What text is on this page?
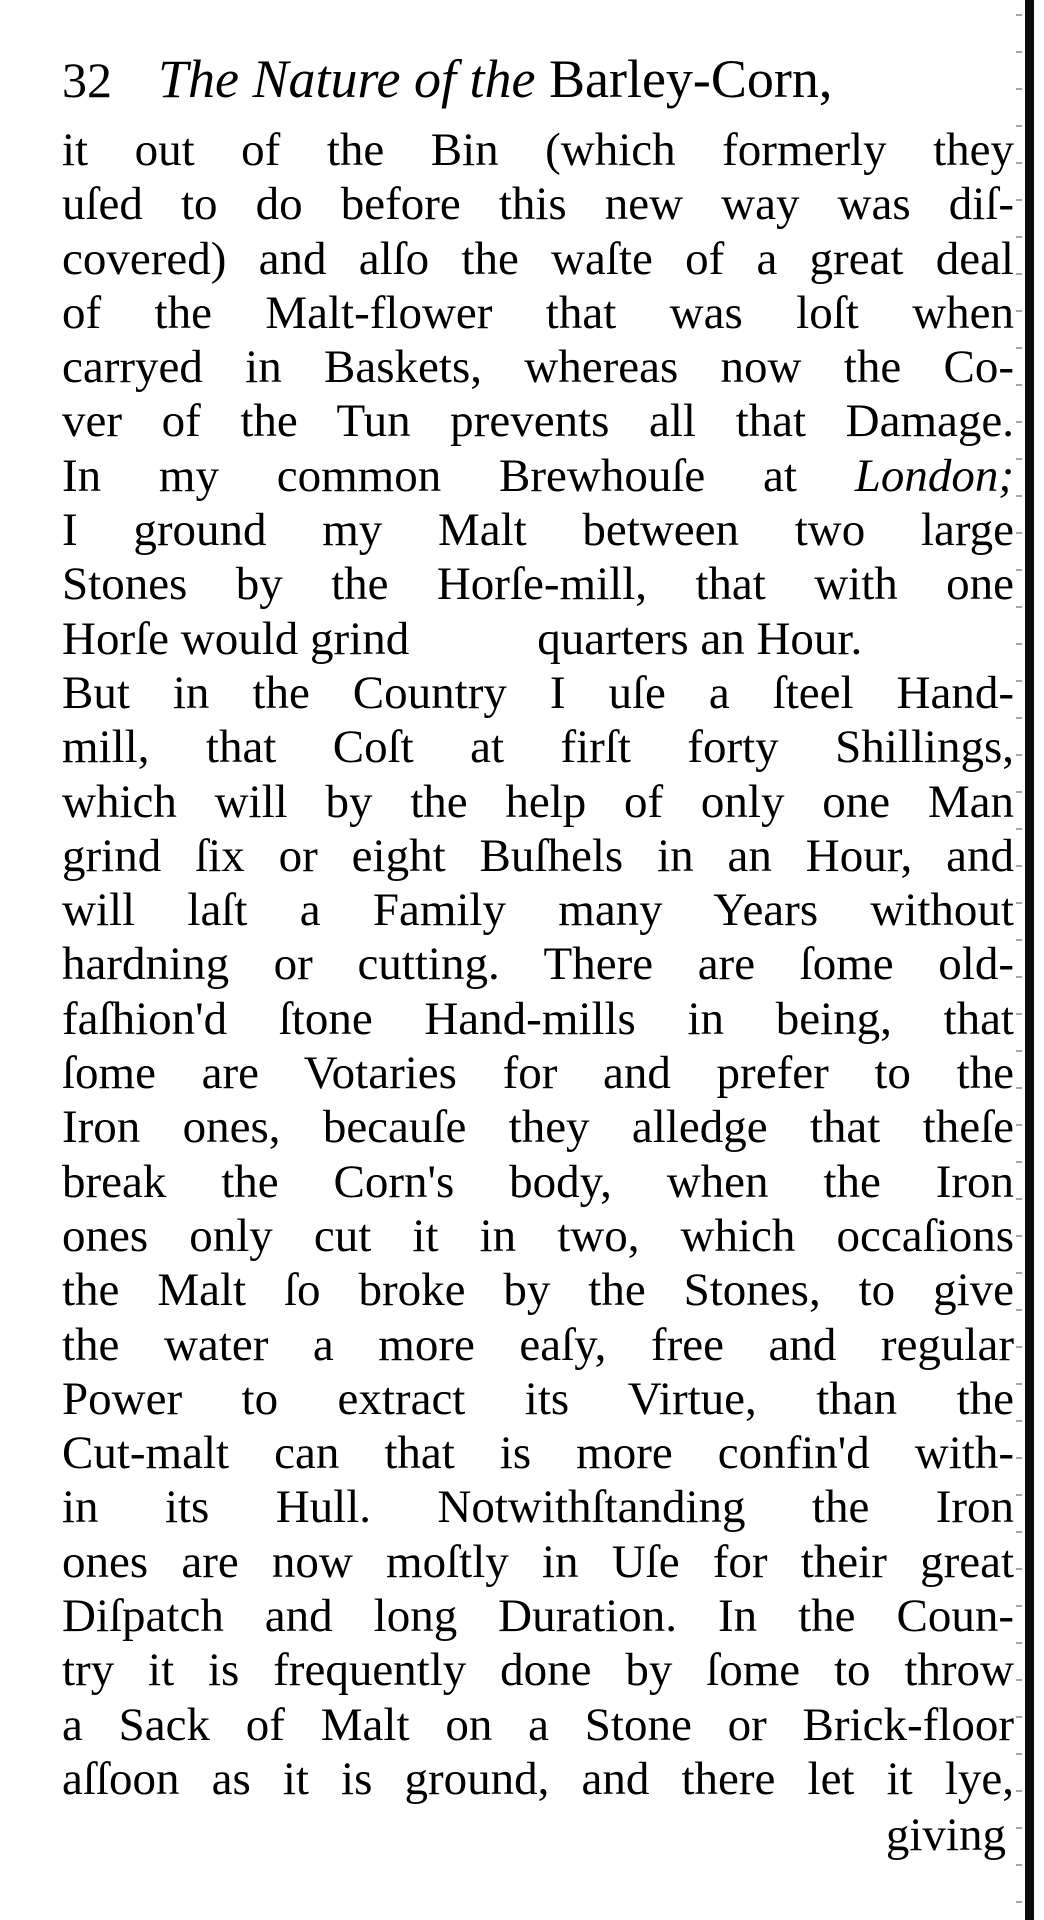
32 The Nature of the Barley-Corn,
it out of the Bin (which formerly they
uſed to do before this new way was diſ-
covered) and alſo the waſte of a great deal
of the Malt-flower that was loſt when
carryed in Baskets, whereas now the Co-
ver of the Tun prevents all that Damage.
In my common Brewhouſe at London;
I ground my Malt between two large
Stones by the Horſe-mill, that with one
Horſe would grind	quarters an Hour.
But in the Country I uſe a ſteel Hand-
mill, that Coſt at firſt forty Shillings,
which will by the help of only one Man
grind ſix or eight Buſhels in an Hour, and
will laſt a Family many Years without
hardning or cutting. There are ſome old-
faſhion'd ſtone Hand-mills in being, that
ſome are Votaries for and prefer to the
Iron ones, becauſe they alledge that theſe
break the Corn's body, when the Iron
ones only cut it in two, which occaſions
the Malt ſo broke by the Stones, to give
the water a more eaſy, free and regular
Power to extract its Virtue, than the
Cut-malt can that is more confin'd with-
in its Hull. Notwithſtanding the Iron
ones are now moſtly in Uſe for their great
Diſpatch and long Duration. In the Coun-
try it is frequently done by ſome to throw
a Sack of Malt on a Stone or Brick-floor
aſſoon as it is ground, and there let it lye,
giving
